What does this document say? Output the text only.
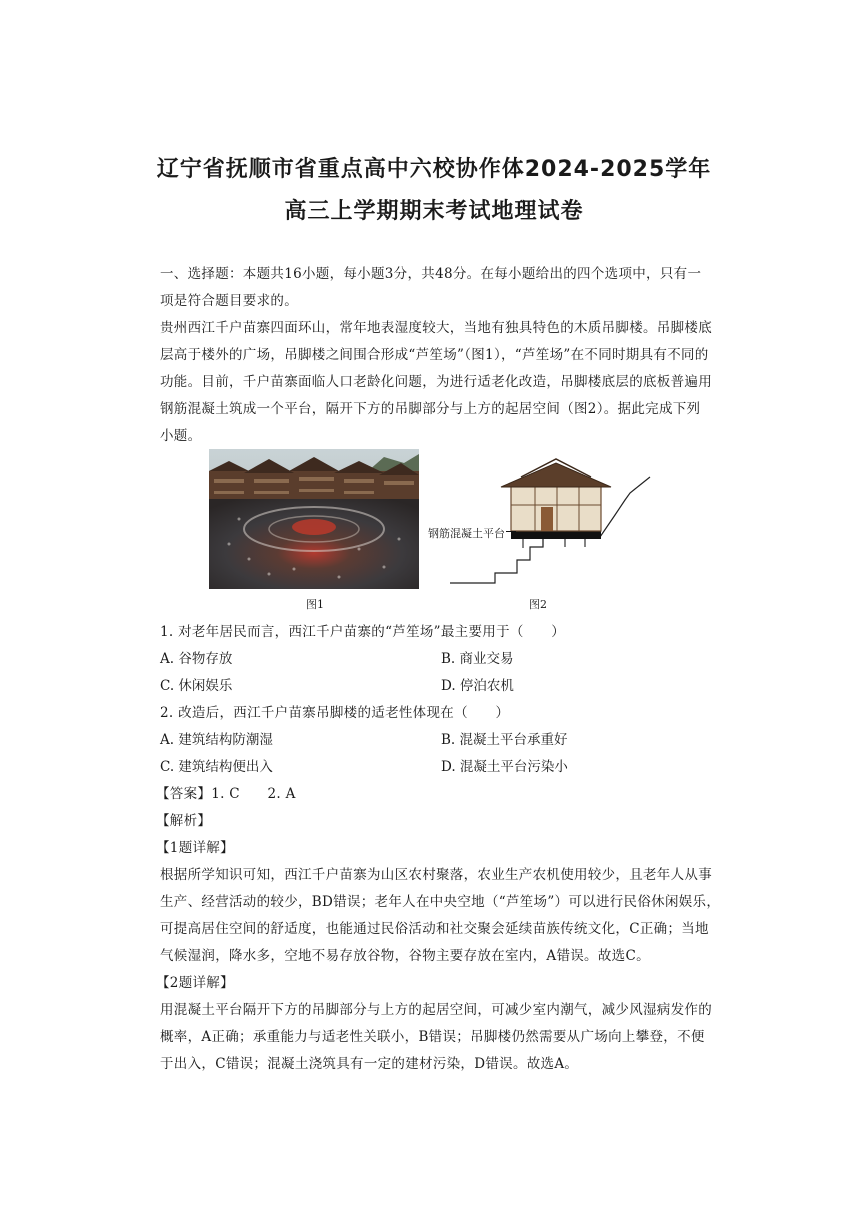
辽宁省抚顺市省重点高中六校协作体2024-2025学年
高三上学期期末考试地理试卷
一、选择题：本题共16小题，每小题3分，共48分。在每小题给出的四个选项中，只有一
项是符合题目要求的。
贵州西江千户苗寨四面环山，常年地表湿度较大，当地有独具特色的木质吊脚楼。吊脚楼底
层高于楼外的广场，吊脚楼之间围合形成“芦笙场”（图1），“芦笙场”在不同时期具有不同的
功能。目前，千户苗寨面临人口老龄化问题，为进行适老化改造，吊脚楼底层的底板普遍用
钢筋混凝土筑成一个平台，隔开下方的吊脚部分与上方的起居空间（图2）。据此完成下列
小题。
钢筋混凝土平台
图1	图2
1. 对老年居民而言，西江千户苗寨的“芦笙场”最主要用于（　　）
A. 谷物存放	B. 商业交易
C. 休闲娱乐	D. 停泊农机
2. 改造后，西江千户苗寨吊脚楼的适老性体现在（　　）
A. 建筑结构防潮湿	B. 混凝土平台承重好
C. 建筑结构便出入	D. 混凝土平台污染小
【答案】1. C　　2. A
【解析】
【1题详解】
根据所学知识可知，西江千户苗寨为山区农村聚落，农业生产农机使用较少，且老年人从事
生产、经营活动的较少，BD错误；老年人在中央空地（“芦笙场”）可以进行民俗休闲娱乐，
可提高居住空间的舒适度，也能通过民俗活动和社交聚会延续苗族传统文化，C正确；当地
气候湿润，降水多，空地不易存放谷物，谷物主要存放在室内，A错误。故选C。
【2题详解】
用混凝土平台隔开下方的吊脚部分与上方的起居空间，可减少室内潮气，减少风湿病发作的
概率，A正确；承重能力与适老性关联小，B错误；吊脚楼仍然需要从广场向上攀登，不便
于出入，C错误；混凝土浇筑具有一定的建材污染，D错误。故选A。
